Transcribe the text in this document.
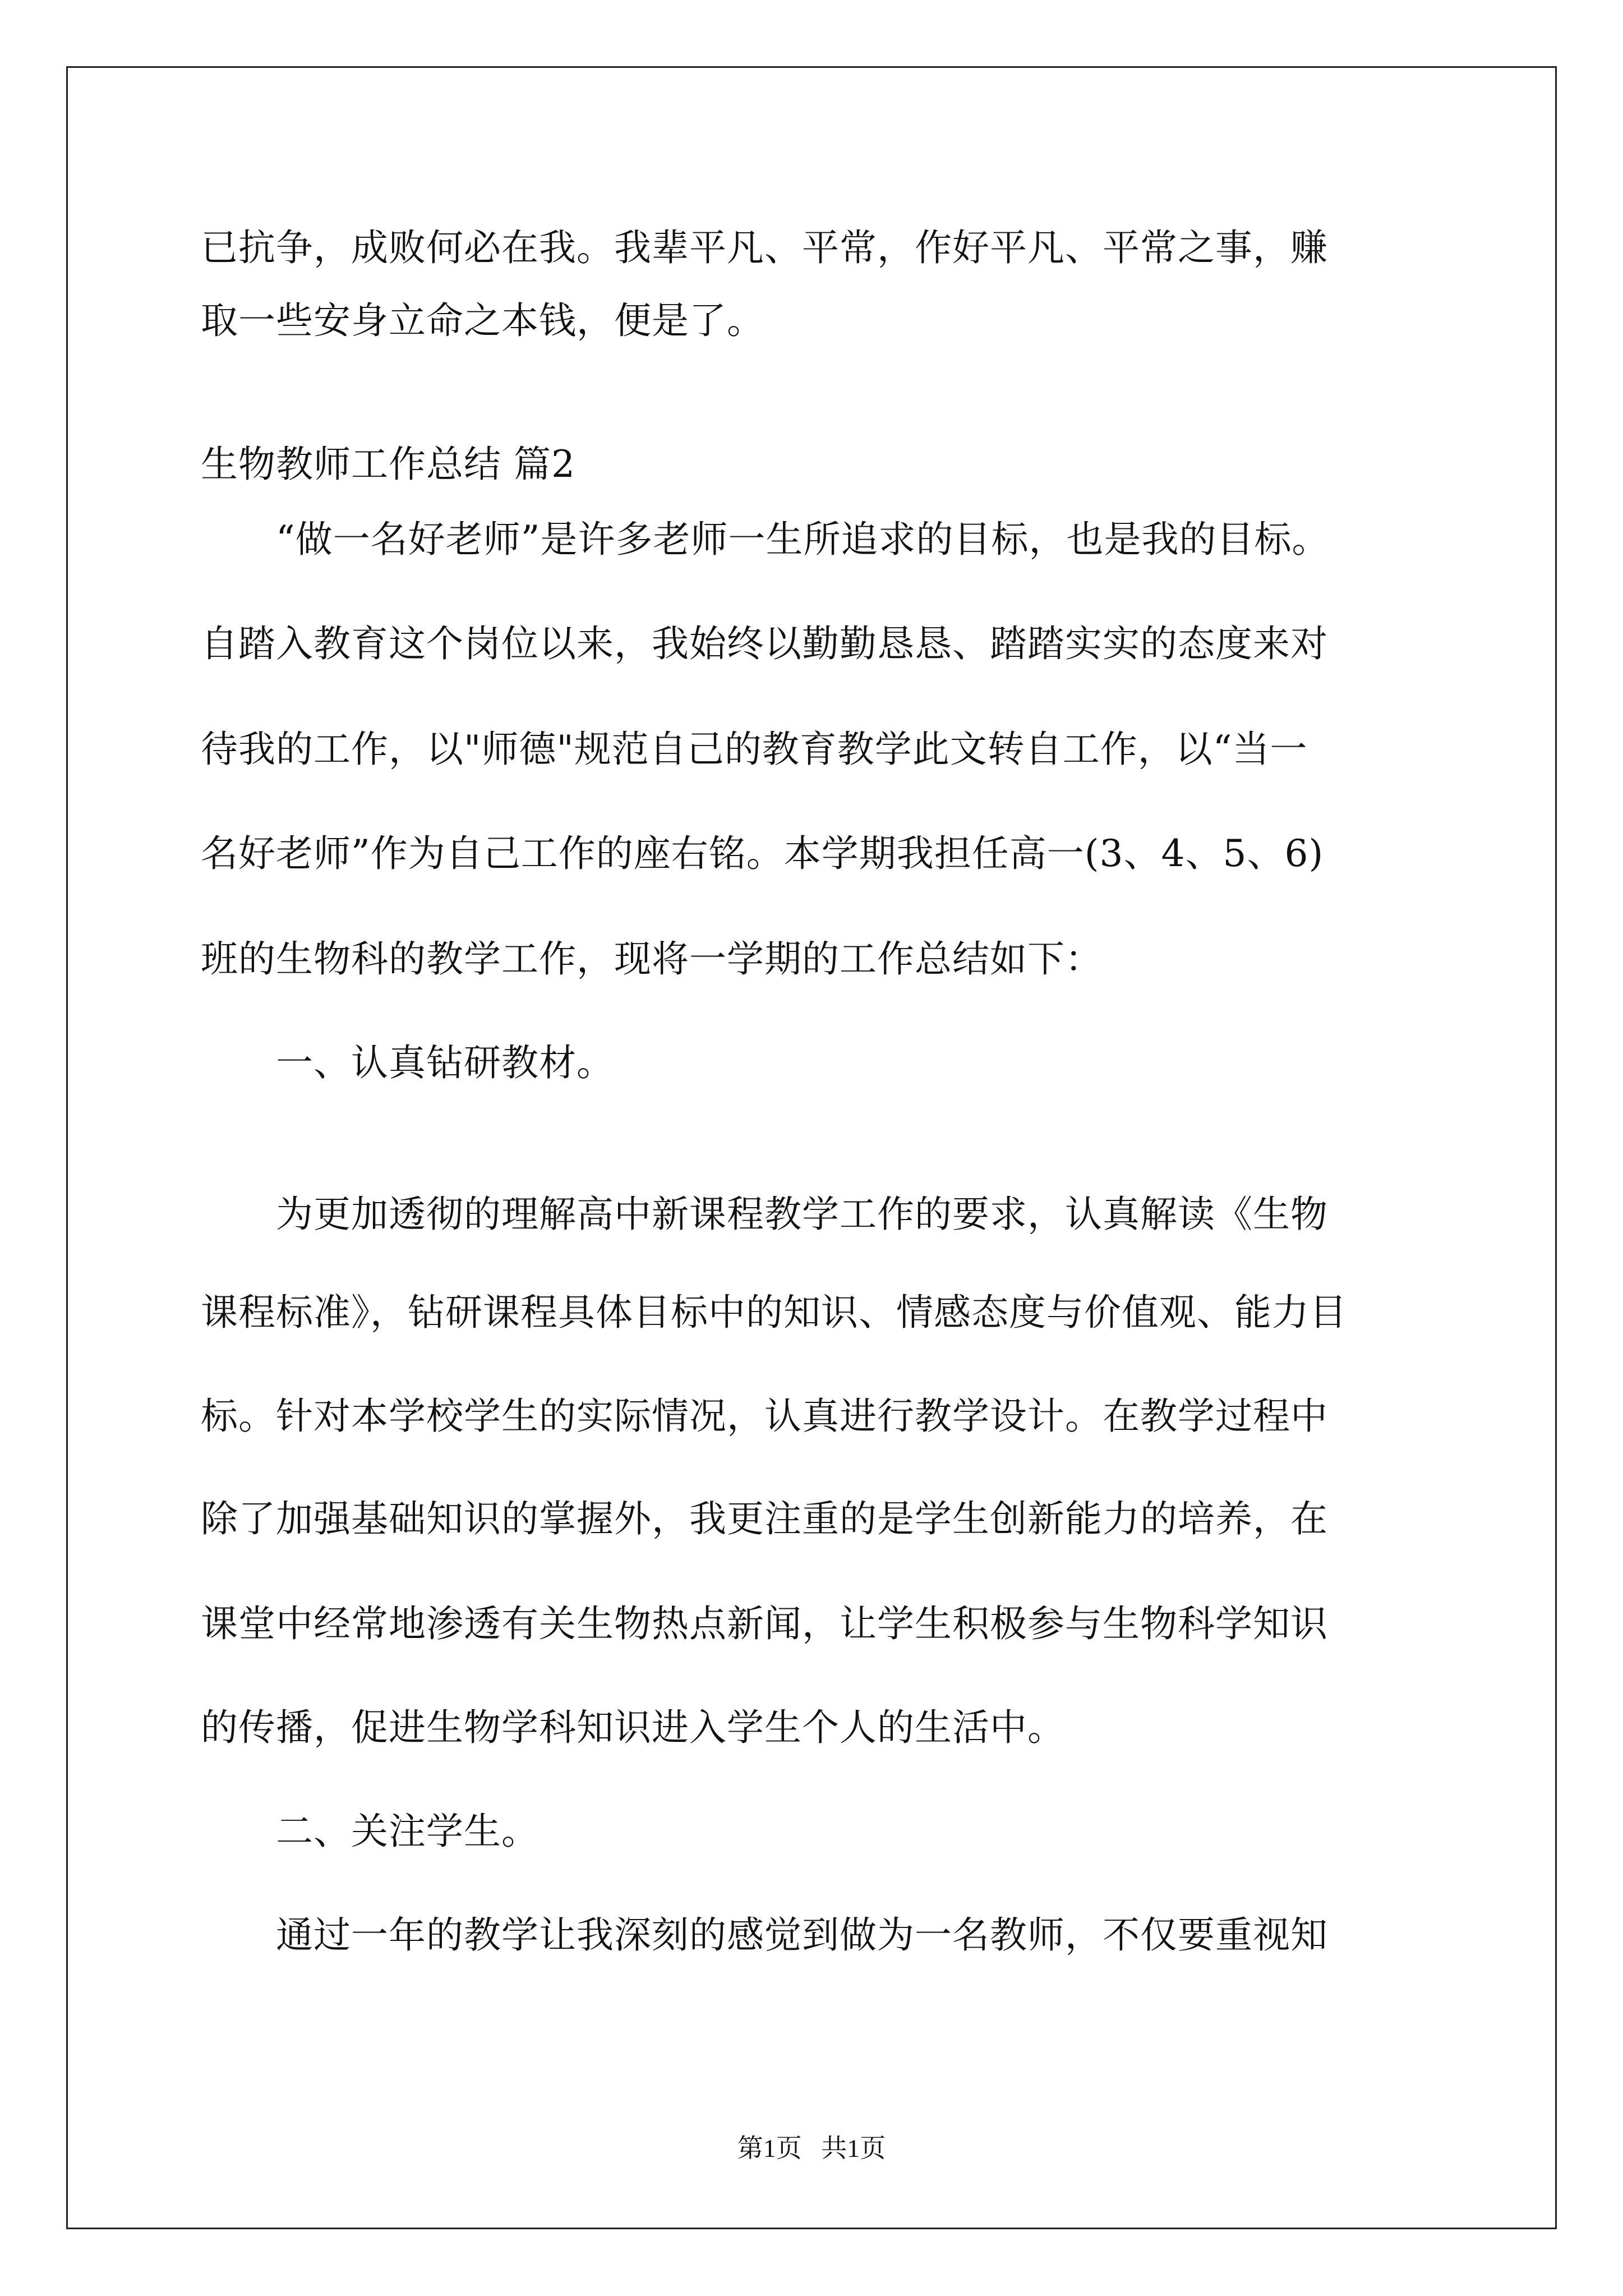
已抗争，成败何必在我。我辈平凡、平常，作好平凡、平常之事，赚
取一些安身立命之本钱，便是了。
生物教师工作总结 篇2
　　“做一名好老师”是许多老师一生所追求的目标，也是我的目标。
自踏入教育这个岗位以来，我始终以勤勤恳恳、踏踏实实的态度来对
待我的工作，以"师德"规范自己的教育教学此文转自工作，以“当一
名好老师”作为自己工作的座右铭。本学期我担任高一(3、4、5、6)
班的生物科的教学工作，现将一学期的工作总结如下：
　　一、认真钻研教材。
　　为更加透彻的理解高中新课程教学工作的要求，认真解读《生物
课程标准》，钻研课程具体目标中的知识、情感态度与价值观、能力目
标。针对本学校学生的实际情况，认真进行教学设计。在教学过程中
除了加强基础知识的掌握外，我更注重的是学生创新能力的培养，在
课堂中经常地渗透有关生物热点新闻，让学生积极参与生物科学知识
的传播，促进生物学科知识进入学生个人的生活中。
　　二、关注学生。
　　通过一年的教学让我深刻的感觉到做为一名教师，不仅要重视知
第1页   共1页
